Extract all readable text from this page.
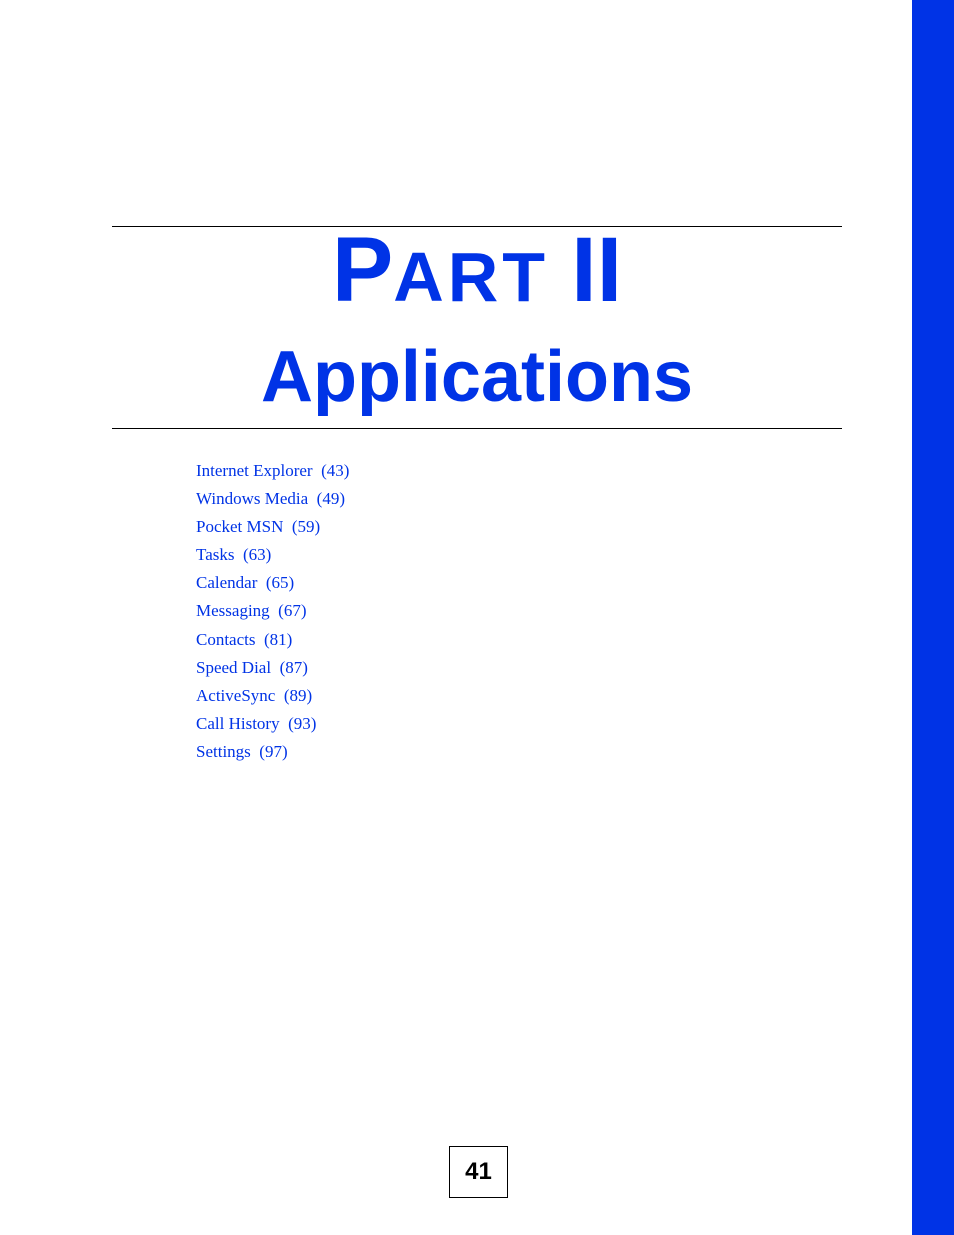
PART II
Applications
Internet Explorer (43)
Windows Media (49)
Pocket MSN (59)
Tasks (63)
Calendar (65)
Messaging (67)
Contacts (81)
Speed Dial (87)
ActiveSync (89)
Call History (93)
Settings (97)
41
